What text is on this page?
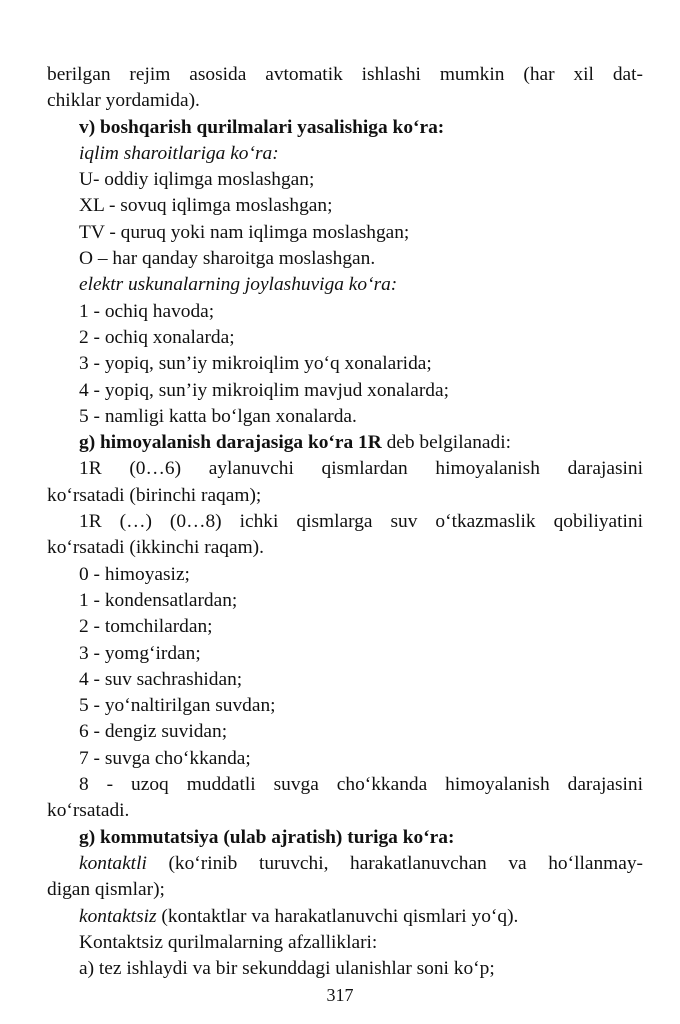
berilgan rejim asosida avtomatik ishlashi mumkin (har xil dat-
chiklar yordamida).
v) boshqarish qurilmalari yasalishiga ko‘ra:
iqlim sharoitlariga ko‘ra:
U- oddiy iqlimga moslashgan;
XL - sovuq iqlimga moslashgan;
TV - quruq yoki nam iqlimga moslashgan;
O – har qanday sharoitga moslashgan.
elektr uskunalarning joylashuviga ko‘ra:
1 - ochiq havoda;
2 - ochiq xonalarda;
3 - yopiq, sun’iy mikroiqlim yo‘q xonalarida;
4 - yopiq, sun’iy mikroiqlim mavjud xonalarda;
5 - namligi katta bo‘lgan xonalarda.
g) himoyalanish darajasiga ko‘ra 1R deb belgilanadi:
1R (0…6) aylanuvchi qismlardan himoyalanish darajasini
ko‘rsatadi (birinchi raqam);
1R (…) (0…8) ichki qismlarga suv o‘tkazmaslik qobiliyatini
ko‘rsatadi (ikkinchi raqam).
0 - himoyasiz;
1 - kondensatlardan;
2 - tomchilardan;
3 - yomg‘irdan;
4 - suv sachrashidan;
5 - yo‘naltirilgan suvdan;
6 - dengiz suvidan;
7 - suvga cho‘kkanda;
8 - uzoq muddatli suvga cho‘kkanda himoyalanish darajasini
ko‘rsatadi.
g) kommutatsiya (ulab ajratish) turiga ko‘ra:
kontaktli (ko‘rinib turuvchi, harakatlanuvchan va ho‘llanmay-
digan qismlar);
kontaktsiz (kontaktlar va harakatlanuvchi qismlari yo‘q).
Kontaktsiz qurilmalarning afzalliklari:
a) tez ishlaydi va bir sekunddagi ulanishlar soni ko‘p;
317
